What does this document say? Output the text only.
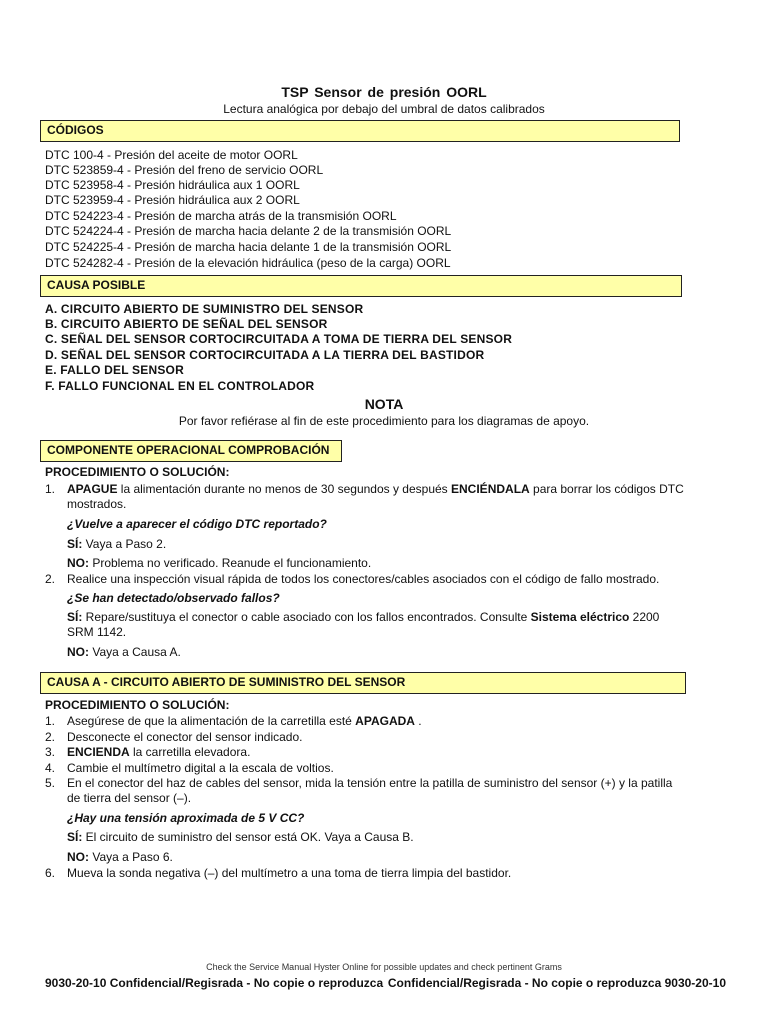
TSP Sensor de presión OORL
Lectura analógica por debajo del umbral de datos calibrados
CÓDIGOS
DTC 100-4 - Presión del aceite de motor OORL
DTC 523859-4 - Presión del freno de servicio OORL
DTC 523958-4 - Presión hidráulica aux 1 OORL
DTC 523959-4 - Presión hidráulica aux 2 OORL
DTC 524223-4 - Presión de marcha atrás de la transmisión OORL
DTC 524224-4 - Presión de marcha hacia delante 2 de la transmisión OORL
DTC 524225-4 - Presión de marcha hacia delante 1 de la transmisión OORL
DTC 524282-4 - Presión de la elevación hidráulica (peso de la carga) OORL
CAUSA POSIBLE
A. CIRCUITO ABIERTO DE SUMINISTRO DEL SENSOR
B. CIRCUITO ABIERTO DE SEÑAL DEL SENSOR
C. SEÑAL DEL SENSOR CORTOCIRCUITADA A TOMA DE TIERRA DEL SENSOR
D. SEÑAL DEL SENSOR CORTOCIRCUITADA A LA TIERRA DEL BASTIDOR
E. FALLO DEL SENSOR
F. FALLO FUNCIONAL EN EL CONTROLADOR
NOTA
Por favor refiérase al fin de este procedimiento para los diagramas de apoyo.
COMPONENTE OPERACIONAL COMPROBACIÓN
PROCEDIMIENTO O SOLUCIÓN:
1. APAGUE la alimentación durante no menos de 30 segundos y después ENCIÉNDALA para borrar los códigos DTC mostrados.
¿Vuelve a aparecer el código DTC reportado?
SÍ: Vaya a Paso 2.
NO: Problema no verificado. Reanude el funcionamiento.
2. Realice una inspección visual rápida de todos los conectores/cables asociados con el código de fallo mostrado.
¿Se han detectado/observado fallos?
SÍ: Repare/sustituya el conector o cable asociado con los fallos encontrados. Consulte Sistema eléctrico 2200 SRM 1142.
NO: Vaya a Causa A.
CAUSA A - CIRCUITO ABIERTO DE SUMINISTRO DEL SENSOR
PROCEDIMIENTO O SOLUCIÓN:
1. Asegúrese de que la alimentación de la carretilla esté APAGADA .
2. Desconecte el conector del sensor indicado.
3. ENCIENDA la carretilla elevadora.
4. Cambie el multímetro digital a la escala de voltios.
5. En el conector del haz de cables del sensor, mida la tensión entre la patilla de suministro del sensor (+) y la patilla de tierra del sensor (–).
¿Hay una tensión aproximada de 5 V CC?
SÍ: El circuito de suministro del sensor está OK. Vaya a Causa B.
NO: Vaya a Paso 6.
6. Mueva la sonda negativa (–) del multímetro a una toma de tierra limpia del bastidor.
Check the Service Manual Hyster Online for possible updates and check pertinent Grams
9030-20-10 Confidencial/Regisrada - No copie o reproduzca Confidencial/Regisrada - No copie o reproduzca 9030-20-10
